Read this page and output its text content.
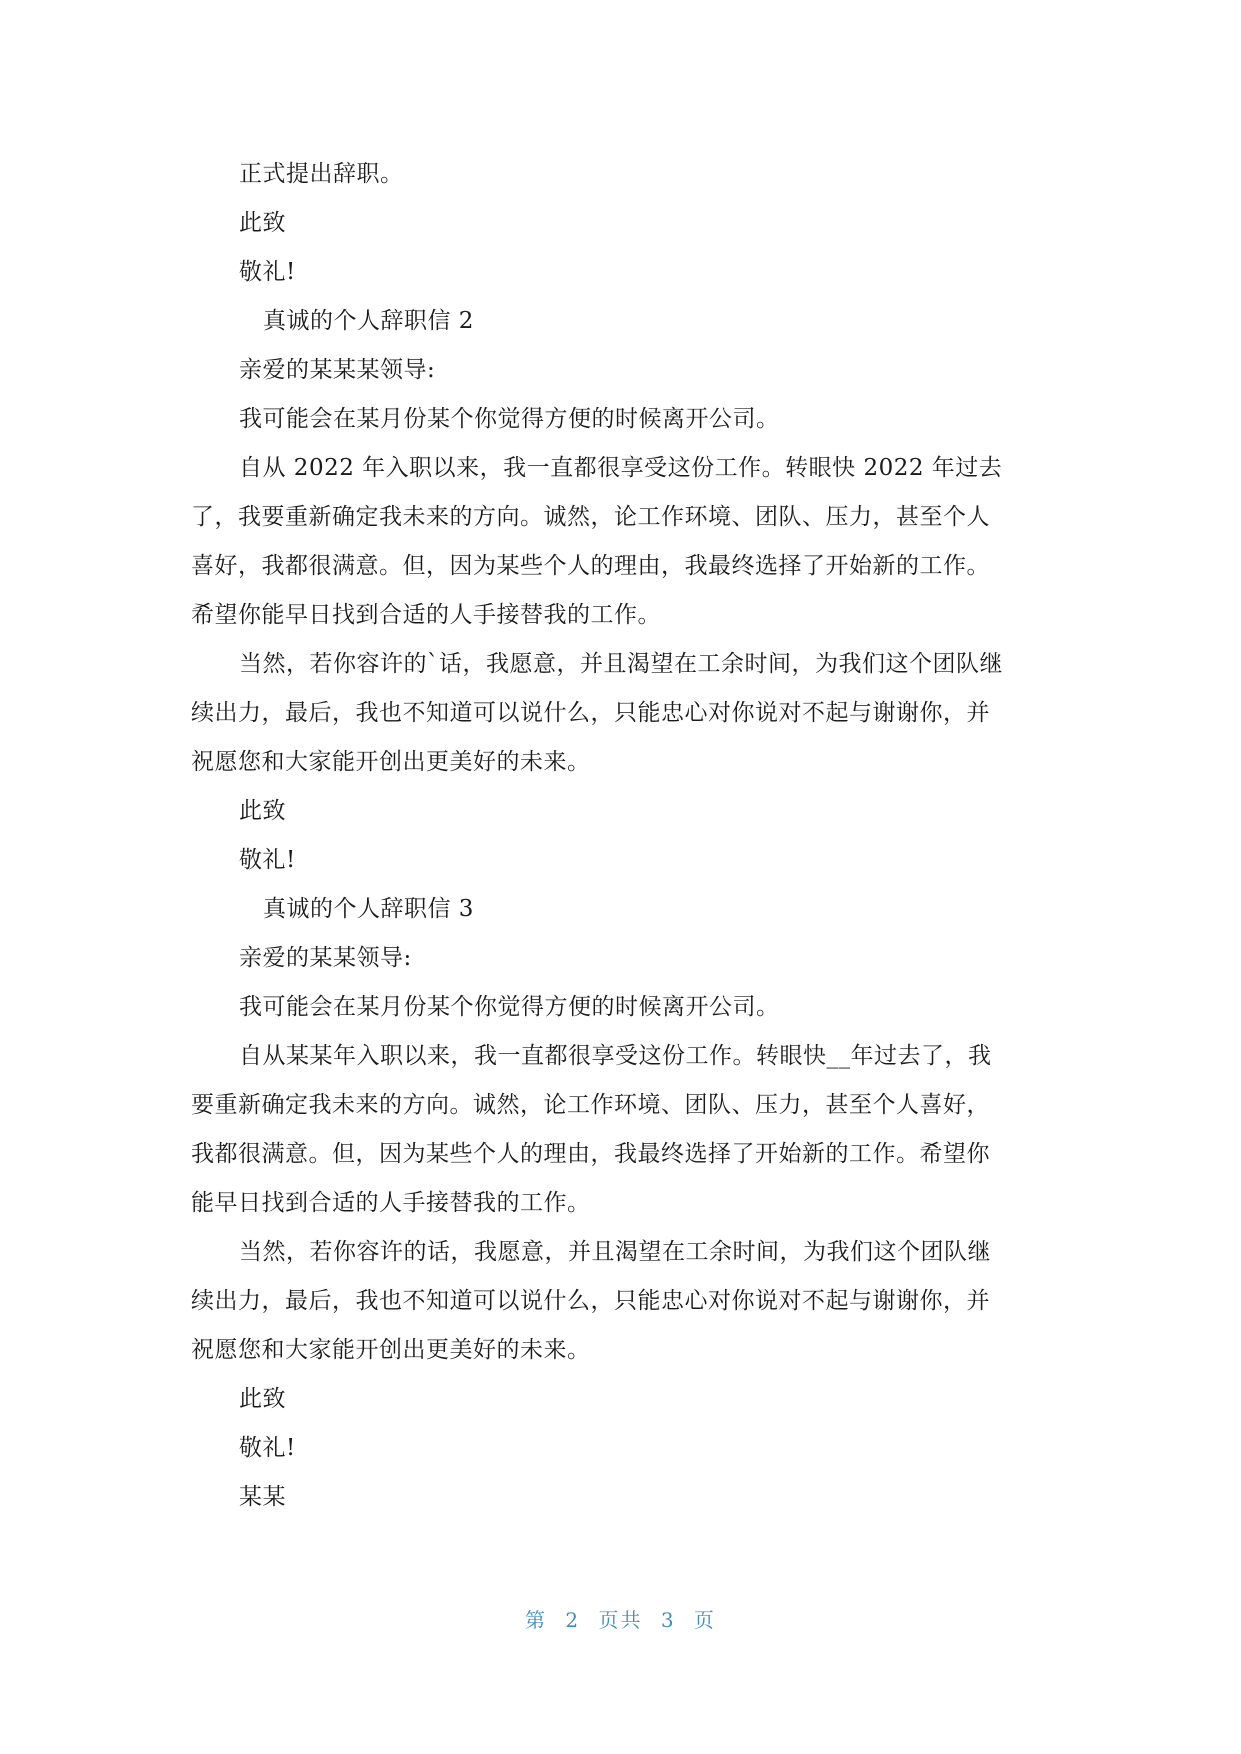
正式提出辞职。
此致
敬礼!
真诚的个人辞职信 2
亲爱的某某某领导:
我可能会在某月份某个你觉得方便的时候离开公司。
自从 2022 年入职以来，我一直都很享受这份工作。转眼快 2022 年过去
了，我要重新确定我未来的方向。诚然，论工作环境、团队、压力，甚至个人
喜好，我都很满意。但，因为某些个人的理由，我最终选择了开始新的工作。
希望你能早日找到合适的人手接替我的工作。
当然，若你容许的`话，我愿意，并且渴望在工余时间，为我们这个团队继
续出力，最后，我也不知道可以说什么，只能忠心对你说对不起与谢谢你，并
祝愿您和大家能开创出更美好的未来。
此致
敬礼!
真诚的个人辞职信 3
亲爱的某某领导:
我可能会在某月份某个你觉得方便的时候离开公司。
自从某某年入职以来，我一直都很享受这份工作。转眼快__年过去了，我
要重新确定我未来的方向。诚然，论工作环境、团队、压力，甚至个人喜好，
我都很满意。但，因为某些个人的理由，我最终选择了开始新的工作。希望你
能早日找到合适的人手接替我的工作。
当然，若你容许的话，我愿意，并且渴望在工余时间，为我们这个团队继
续出力，最后，我也不知道可以说什么，只能忠心对你说对不起与谢谢你，并
祝愿您和大家能开创出更美好的未来。
此致
敬礼!
某某
第 2 页共 3 页
